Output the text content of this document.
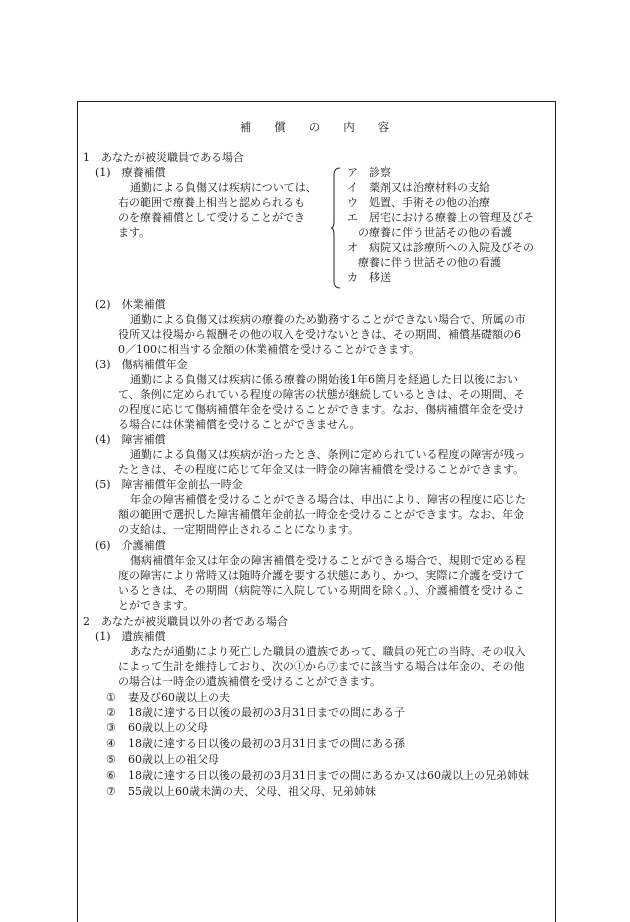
補 償 の 内 容
1　あなたが被災職員である場合
(1)　療養補償
通勤による負傷又は疾病については、
右の範囲で療養上相当と認められるも
のを療養補償として受けることができ
ます。
ア　診察
イ　薬剤又は治療材料の支給
ウ　処置、手術その他の治療
エ　居宅における療養上の管理及びそ
　の療養に伴う世話その他の看護
オ　病院又は診療所への入院及びその
　療養に伴う世話その他の看護
カ　移送
(2)　休業補償
通勤による負傷又は疾病の療養のため勤務することができない場合で、所属の市
役所又は役場から報酬その他の収入を受けないときは、その期間、補償基礎額の6
0／100に相当する金額の休業補償を受けることができます。
(3)　傷病補償年金
通勤による負傷又は疾病に係る療養の開始後1年6箇月を経過した日以後におい
て、条例に定められている程度の障害の状態が継続しているときは、その期間、そ
の程度に応じて傷病補償年金を受けることができます。なお、傷病補償年金を受け
る場合には休業補償を受けることができません。
(4)　障害補償
通勤による負傷又は疾病が治ったとき、条例に定められている程度の障害が残っ
たときは、その程度に応じて年金又は一時金の障害補償を受けることができます。
(5)　障害補償年金前払一時金
年金の障害補償を受けることができる場合は、申出により、障害の程度に応じた
額の範囲で選択した障害補償年金前払一時金を受けることができます。なお、年金
の支給は、一定期間停止されることになります。
(6)　介護補償
傷病補償年金又は年金の障害補償を受けることができる場合で、規則で定める程
度の障害により常時又は随時介護を要する状態にあり、かつ、実際に介護を受けて
いるときは、その期間（病院等に入院している期間を除く。）、介護補償を受けるこ
とができます。
2　あなたが被災職員以外の者である場合
(1)　遺族補償
あなたが通勤により死亡した職員の遺族であって、職員の死亡の当時、その収入
によって生計を維持しており、次の①から⑦までに該当する場合は年金の、その他
の場合は一時金の遺族補償を受けることができます。
① 妻及び60歳以上の夫
② 18歳に達する日以後の最初の3月31日までの間にある子
③ 60歳以上の父母
④ 18歳に達する日以後の最初の3月31日までの間にある孫
⑤ 60歳以上の祖父母
⑥ 18歳に達する日以後の最初の3月31日までの間にあるか又は60歳以上の兄弟姉妹
⑦ 55歳以上60歳未満の夫、父母、祖父母、兄弟姉妹
